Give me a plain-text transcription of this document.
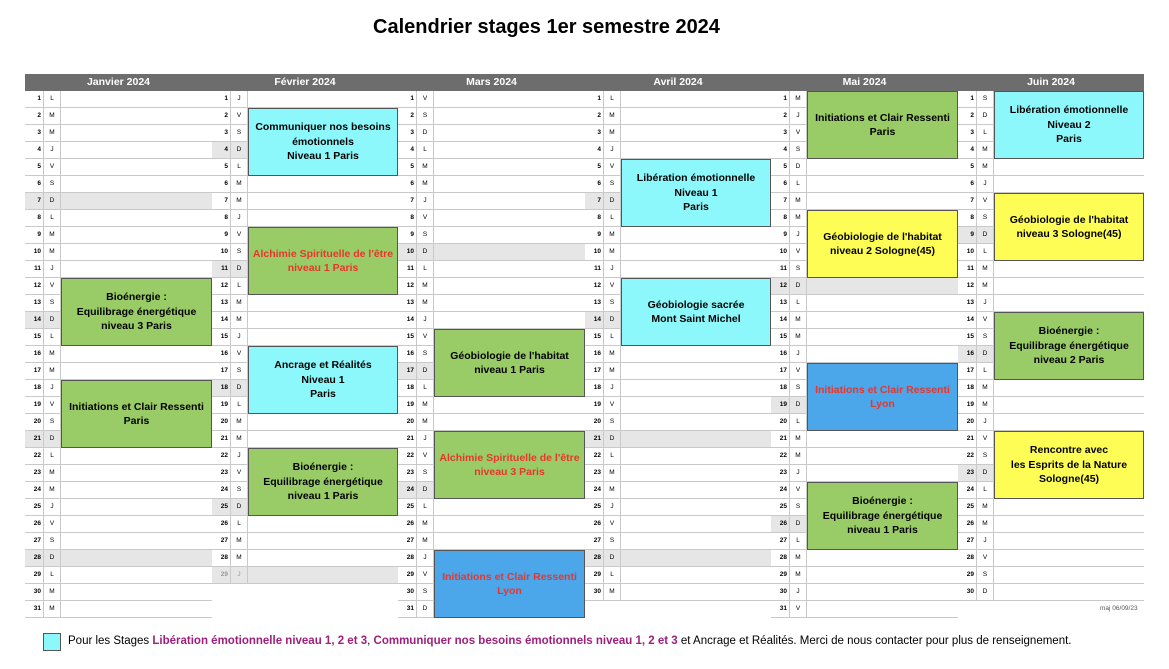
Calendrier stages 1er semestre 2024
Janvier 2024
1	L
2	M
3	M
4	J
5	V
6	S
7	D
8	L
9	M
10	M
11	J
12	V
13	S
14	D
15	L
16	M
17	M
18	J
19	V
20	S
21	D
22	L
23	M
24	M
25	J
26	V
27	S
28	D
29	L
30	M
31	M
Février 2024
1	J
2	V
3	S
4	D
5	L
6	M
7	M
8	J
9	V
10	S
11	D
12	L
13	M
14	M
15	J
16	V
17	S
18	D
19	L
20	M
21	M
22	J
23	V
24	S
25	D
26	L
27	M
28	M
29	J
Mars 2024
1	V
2	S
3	D
4	L
5	M
6	M
7	J
8	V
9	S
10	D
11	L
12	M
13	M
14	J
15	V
16	S
17	D
18	L
19	M
20	M
21	J
22	V
23	S
24	D
25	L
26	M
27	M
28	J
29	V
30	S
31	D
Avril 2024
1	L
2	M
3	M
4	J
5	V
6	S
7	D
8	L
9	M
10	M
11	J
12	V
13	S
14	D
15	L
16	M
17	M
18	J
19	V
20	S
21	D
22	L
23	M
24	M
25	J
26	V
27	S
28	D
29	L
30	M
Mai 2024
1	M
2	J
3	V
4	S
5	D
6	L
7	M
8	M
9	J
10	V
11	S
12	D
13	L
14	M
15	M
16	J
17	V
18	S
19	D
20	L
21	M
22	M
23	J
24	V
25	S
26	D
27	L
28	M
29	M
30	J
31	V
Juin 2024
1	S
2	D
3	L
4	M
5	M
6	J
7	V
8	S
9	D
10	L
11	M
12	M
13	J
14	V
15	S
16	D
17	L
18	M
19	M
20	J
21	V
22	S
23	D
24	L
25	M
26	M
27	J
28	V
29	S
30	D
Bioénergie :
Equilibrage énergétique
niveau 3 Paris
Initiations et Clair Ressenti
Paris
Communiquer nos besoins
émotionnels
Niveau 1 Paris
Alchimie Spirituelle de l'être
niveau 1 Paris
Ancrage et Réalités
Niveau 1
Paris
Bioénergie :
Equilibrage énergétique
niveau 1 Paris
Géobiologie de l'habitat
niveau 1 Paris
Alchimie Spirituelle de l'être
niveau 3 Paris
Initiations et Clair Ressenti
Lyon
Libération émotionnelle
Niveau 1
Paris
Géobiologie sacrée
Mont Saint Michel
Initiations et Clair Ressenti
Paris
Géobiologie de l'habitat
niveau 2 Sologne(45)
Initiations et Clair Ressenti
Lyon
Bioénergie :
Equilibrage énergétique
niveau 1 Paris
Libération émotionnelle
Niveau 2
Paris
Géobiologie de l'habitat
niveau 3 Sologne(45)
Bioénergie :
Equilibrage énergétique
niveau 2 Paris
Rencontre avec
les Esprits de la Nature
Sologne(45)
maj 06/09/23
Pour les Stages Libération émotionnelle niveau 1, 2 et 3, Communiquer nos besoins émotionnels niveau 1, 2 et 3 et Ancrage et Réalités. Merci de nous contacter pour plus de renseignement.
